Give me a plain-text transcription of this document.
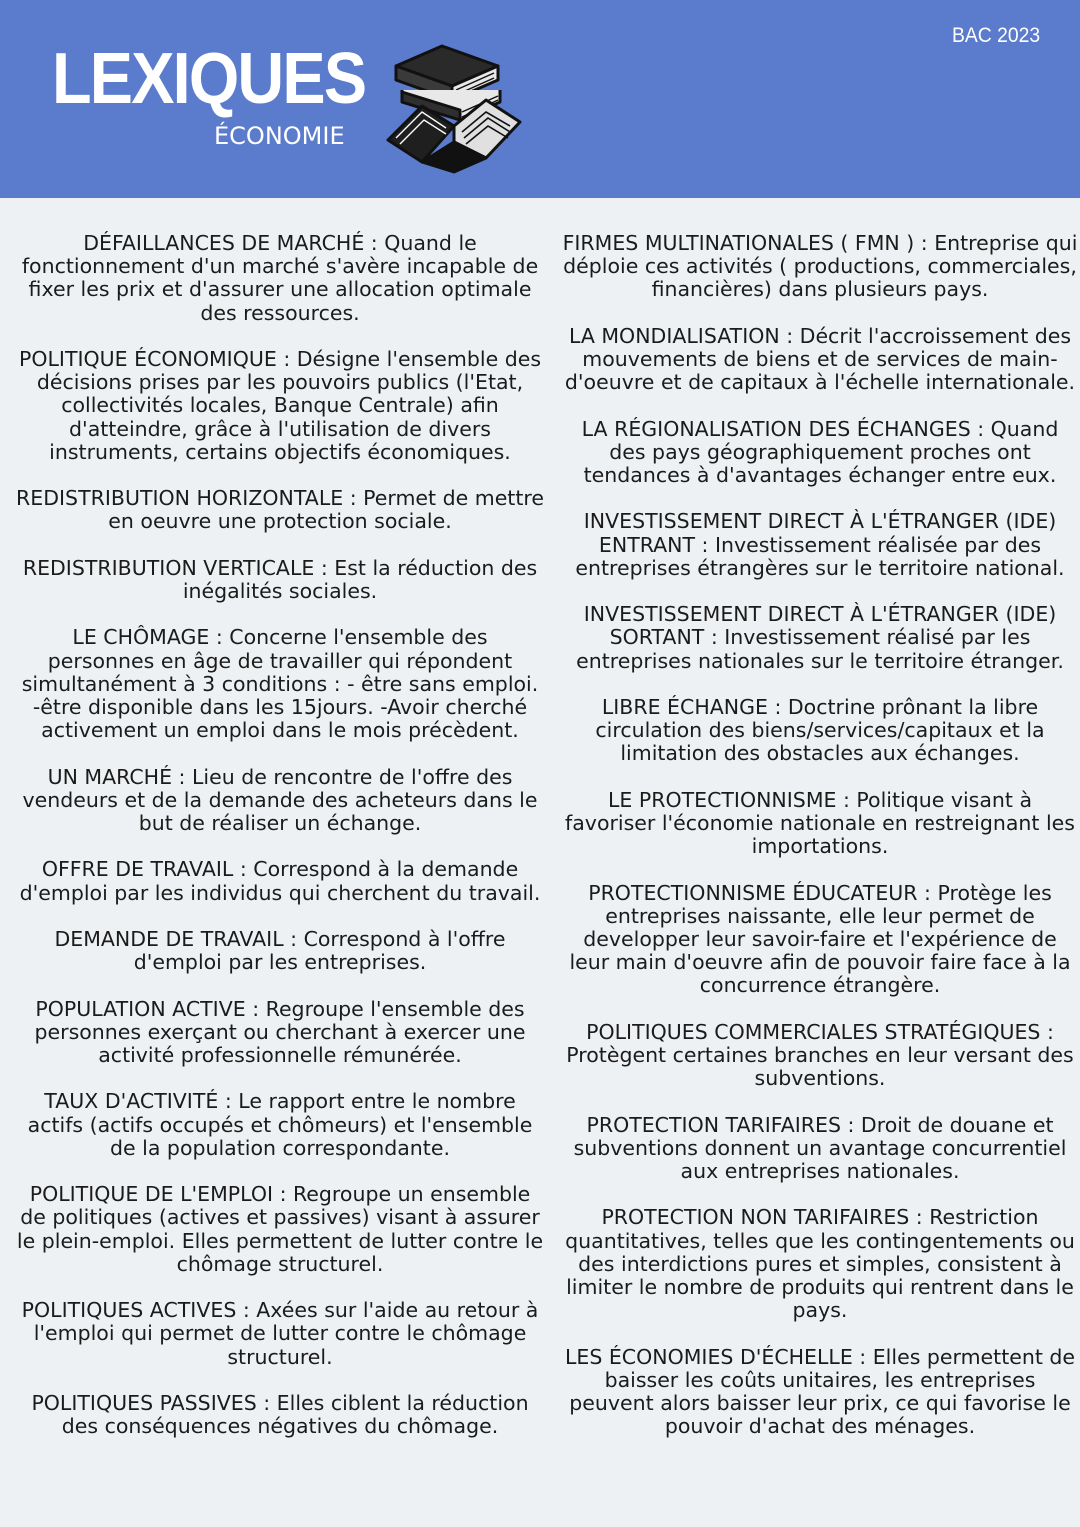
LEXIQUES
ÉCONOMIE
BAC 2023

DÉFAILLANCES DE MARCHÉ : Quand le fonctionnement d'un marché s'avère incapable de fixer les prix et d'assurer une allocation optimale des ressources.

POLITIQUE ÉCONOMIQUE : Désigne l'ensemble des décisions prises par les pouvoirs publics (l'Etat, collectivités locales, Banque Centrale) afin d'atteindre, grâce à l'utilisation de divers instruments, certains objectifs économiques.

REDISTRIBUTION HORIZONTALE : Permet de mettre en oeuvre une protection sociale.

REDISTRIBUTION VERTICALE : Est la réduction des inégalités sociales.

LE CHÔMAGE : Concerne l'ensemble des personnes en âge de travailler qui répondent simultanément à 3 conditions : - être sans emploi. -être disponible dans les 15jours. -Avoir cherché activement un emploi dans le mois précèdent.

UN MARCHÉ : Lieu de rencontre de l'offre des vendeurs et de la demande des acheteurs dans le but de réaliser un échange.

OFFRE DE TRAVAIL : Correspond à la demande d'emploi par les individus qui cherchent du travail.

DEMANDE DE TRAVAIL : Correspond à l'offre d'emploi par les entreprises.

POPULATION ACTIVE : Regroupe l'ensemble des personnes exerçant ou cherchant à exercer une activité professionnelle rémunérée.

TAUX D'ACTIVITÉ : Le rapport entre le nombre actifs (actifs occupés et chômeurs) et l'ensemble de la population correspondante.

POLITIQUE DE L'EMPLOI : Regroupe un ensemble de politiques (actives et passives) visant à assurer le plein-emploi. Elles permettent de lutter contre le chômage structurel.

POLITIQUES ACTIVES : Axées sur l'aide au retour à l'emploi qui permet de lutter contre le chômage structurel.

POLITIQUES PASSIVES : Elles ciblent la réduction des conséquences négatives du chômage.

FIRMES MULTINATIONALES ( FMN ) : Entreprise qui déploie ces activités ( productions, commerciales, financières) dans plusieurs pays.

LA MONDIALISATION : Décrit l'accroissement des mouvements de biens et de services de main-d'oeuvre et de capitaux à l'échelle internationale.

LA RÉGIONALISATION DES ÉCHANGES : Quand des pays géographiquement proches ont tendances à d'avantages échanger entre eux.

INVESTISSEMENT DIRECT À L'ÉTRANGER (IDE) ENTRANT : Investissement réalisée par des entreprises étrangères sur le territoire national.

INVESTISSEMENT DIRECT À L'ÉTRANGER (IDE) SORTANT : Investissement réalisé par les entreprises nationales sur le territoire étranger.

LIBRE ÉCHANGE : Doctrine prônant la libre circulation des biens/services/capitaux et la limitation des obstacles aux échanges.

LE PROTECTIONNISME : Politique visant à favoriser l'économie nationale en restreignant les importations.

PROTECTIONNISME ÉDUCATEUR : Protège les entreprises naissante, elle leur permet de developper leur savoir-faire et l'expérience de leur main d'oeuvre afin de pouvoir faire face à la concurrence étrangère.

POLITIQUES COMMERCIALES STRATÉGIQUES : Protègent certaines branches en leur versant des subventions.

PROTECTION TARIFAIRES : Droit de douane et subventions donnent un avantage concurrentiel aux entreprises nationales.

PROTECTION NON TARIFAIRES : Restriction quantitatives, telles que les contingentements ou des interdictions pures et simples, consistent à limiter le nombre de produits qui rentrent dans le pays.

LES ÉCONOMIES D'ÉCHELLE : Elles permettent de baisser les coûts unitaires, les entreprises peuvent alors baisser leur prix, ce qui favorise le pouvoir d'achat des ménages.
